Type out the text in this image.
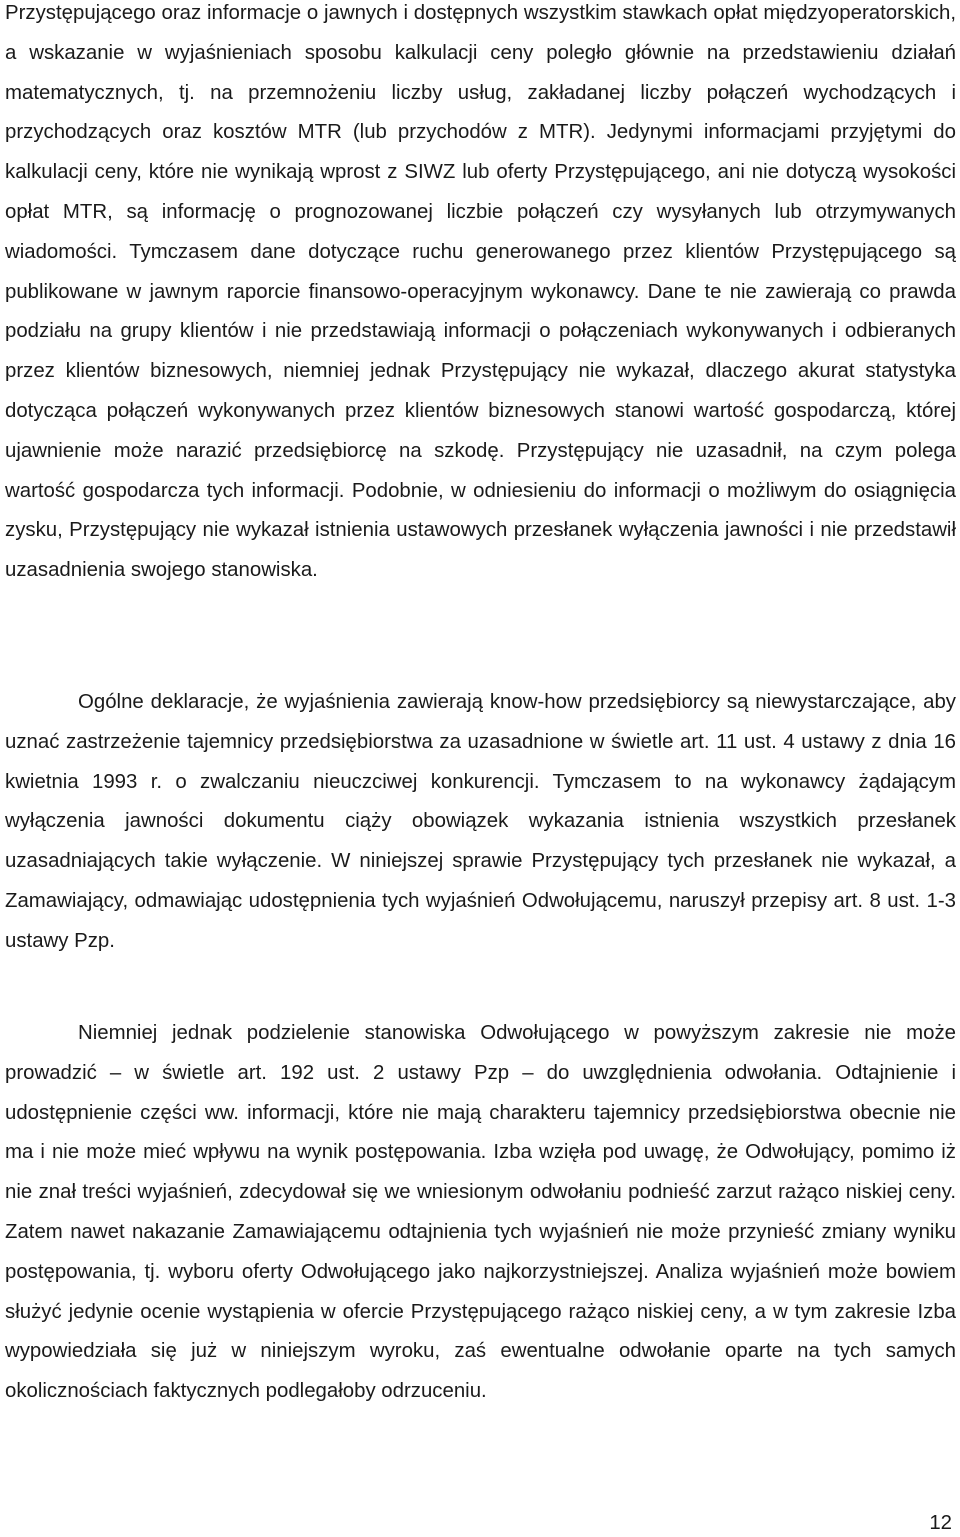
Przystępującego oraz informacje o jawnych i dostępnych wszystkim stawkach opłat międzyoperatorskich, a wskazanie w wyjaśnieniach sposobu kalkulacji ceny poległo głównie na przedstawieniu działań matematycznych, tj. na przemnożeniu liczby usług, zakładanej liczby połączeń wychodzących i przychodzących oraz kosztów MTR (lub przychodów z MTR). Jedynymi informacjami przyjętymi do kalkulacji ceny, które nie wynikają wprost z SIWZ lub oferty Przystępującego, ani nie dotyczą wysokości opłat MTR, są informację o prognozowanej liczbie połączeń czy wysyłanych lub otrzymywanych wiadomości. Tymczasem dane dotyczące ruchu generowanego przez klientów Przystępującego są publikowane w jawnym raporcie finansowo-operacyjnym wykonawcy. Dane te nie zawierają co prawda podziału na grupy klientów i nie przedstawiają informacji o połączeniach wykonywanych i odbieranych przez klientów biznesowych, niemniej jednak Przystępujący nie wykazał, dlaczego akurat statystyka dotycząca połączeń wykonywanych przez klientów biznesowych stanowi wartość gospodarczą, której ujawnienie może narazić przedsiębiorcę na szkodę. Przystępujący nie uzasadnił, na czym polega wartość gospodarcza tych informacji. Podobnie, w odniesieniu do informacji o możliwym do osiągnięcia zysku, Przystępujący nie wykazał istnienia ustawowych przesłanek wyłączenia jawności i nie przedstawił uzasadnienia swojego stanowiska.

Ogólne deklaracje, że wyjaśnienia zawierają know-how przedsiębiorcy są niewystarczające, aby uznać zastrzeżenie tajemnicy przedsiębiorstwa za uzasadnione w świetle art. 11 ust. 4 ustawy z dnia 16 kwietnia 1993 r. o zwalczaniu nieuczciwej konkurencji. Tymczasem to na wykonawcy żądającym wyłączenia jawności dokumentu ciąży obowiązek wykazania istnienia wszystkich przesłanek uzasadniających takie wyłączenie. W niniejszej sprawie Przystępujący tych przesłanek nie wykazał, a Zamawiający, odmawiając udostępnienia tych wyjaśnień Odwołującemu, naruszył przepisy art. 8 ust. 1-3 ustawy Pzp.

Niemniej jednak podzielenie stanowiska Odwołującego w powyższym zakresie nie może prowadzić – w świetle art. 192 ust. 2 ustawy Pzp – do uwzględnienia odwołania. Odtajnienie i udostępnienie części ww. informacji, które nie mają charakteru tajemnicy przedsiębiorstwa obecnie nie ma i nie może mieć wpływu na wynik postępowania. Izba wzięła pod uwagę, że Odwołujący, pomimo iż nie znał treści wyjaśnień, zdecydował się we wniesionym odwołaniu podnieść zarzut rażąco niskiej ceny. Zatem nawet nakazanie Zamawiającemu odtajnienia tych wyjaśnień nie może przynieść zmiany wyniku postępowania, tj. wyboru oferty Odwołującego jako najkorzystniejszej. Analiza wyjaśnień może bowiem służyć jedynie ocenie wystąpienia w ofercie Przystępującego rażąco niskiej ceny, a w tym zakresie Izba wypowiedziała się już w niniejszym wyroku, zaś ewentualne odwołanie oparte na tych samych okolicznościach faktycznych podlegałoby odrzuceniu.

12
